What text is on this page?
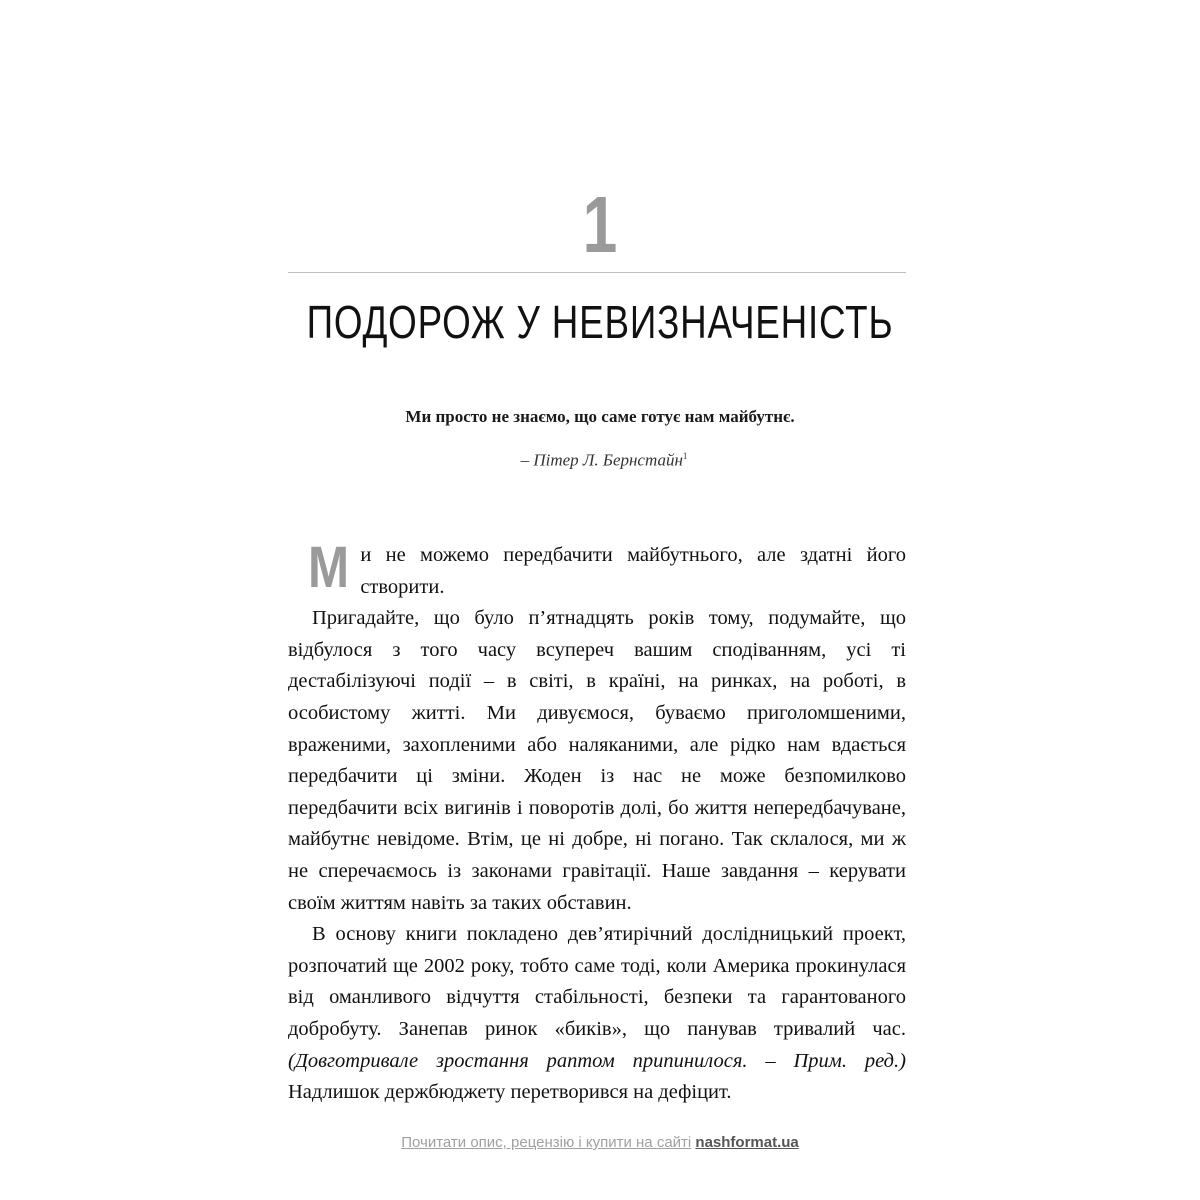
1
ПОДОРОЖ У НЕВИЗНАЧЕНІСТЬ
Ми просто не знаємо, що саме готує нам майбутнє.
– Пітер Л. Бернстайн$^1$

Ми не можемо передбачити майбутнього, але здатні його створити.

Пригадайте, що було п’ятнадцять років тому, подумайте, що відбулося з того часу всупереч вашим сподіванням, усі ті дестабілізуючі події – в світі, в країні, на ринках, на роботі, в особистому житті. Ми дивуємося, буваємо приголомшеними, враженими, захопленими або наляканими, але рідко нам вдається передбачити ці зміни. Жоден із нас не може безпомилково передбачити всіх вигинів і поворотів долі, бо життя непередбачуване, майбутнє невідоме. Втім, це ні добре, ні погано. Так склалося, ми ж не сперечаємось із законами гравітації. Наше завдання – керувати своїм життям навіть за таких обставин.

В основу книги покладено дев’ятирічний дослідницький проект, розпочатий ще 2002 року, тобто саме тоді, коли Америка прокинулася від оманливого відчуття стабільності, безпеки та гарантованого добробуту. Занепав ринок «биків», що панував тривалий час. (Довготривале зростання раптом припинилося. – Прим. ред.) Надлишок держбюджету перетворився на дефіцит.

Почитати опис, рецензію і купити на сайті nashformat.ua
